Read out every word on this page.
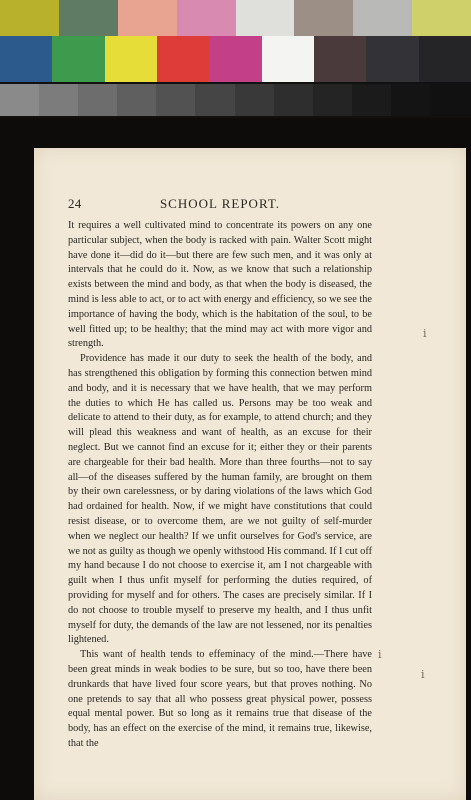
24	SCHOOL REPORT.

It requires a well cultivated mind to concentrate its powers on any one particular subject, when the body is racked with pain. Walter Scott might have done it—did do it—but there are few such men, and it was only at intervals that he could do it. Now, as we know that such a relationship exists between the mind and body, as that when the body is diseased, the mind is less able to act, or to act with energy and efficiency, so we see the importance of having the body, which is the habitation of the soul, to be well fitted up; to be healthy; that the mind may act with more vigor and strength.

Providence has made it our duty to seek the health of the body, and has strengthened this obligation by forming this connection betwen mind and body, and it is necessary that we have health, that we may perform the duties to which He has called us. Persons may be too weak and delicate to attend to their duty, as for example, to attend church; and they will plead this weakness and want of health, as an excuse for their neglect. But we cannot find an excuse for it; either they or their parents are chargeable for their bad health. More than three fourths—not to say all—of the diseases suffered by the human family, are brought on them by their own carelessness, or by daring violations of the laws which God had ordained for health. Now, if we might have constitutions that could resist disease, or to overcome them, are we not guilty of self-murder when we neglect our health? If we unfit ourselves for God's service, are we not as guilty as though we openly withstood His command. If I cut off my hand because I do not choose to exercise it, am I not chargeable with guilt when I thus unfit myself for performing the duties required, of providing for myself and for others. The cases are precisely similar. If I do not choose to trouble myself to preserve my health, and I thus unfit myself for duty, the demands of the law are not lessened, nor its penalties lightened.

This want of health tends to effeminacy of the mind.—There have been great minds in weak bodies to be sure, but so too, have there been drunkards that have lived four score years, but that proves nothing. No one pretends to say that all who possess great physical power, possess equal mental power. But so long as it remains true that disease of the body, has an effect on the exercise of the mind, it remains true, likewise, that the

ⅰ
ⅰ
ⅰ
